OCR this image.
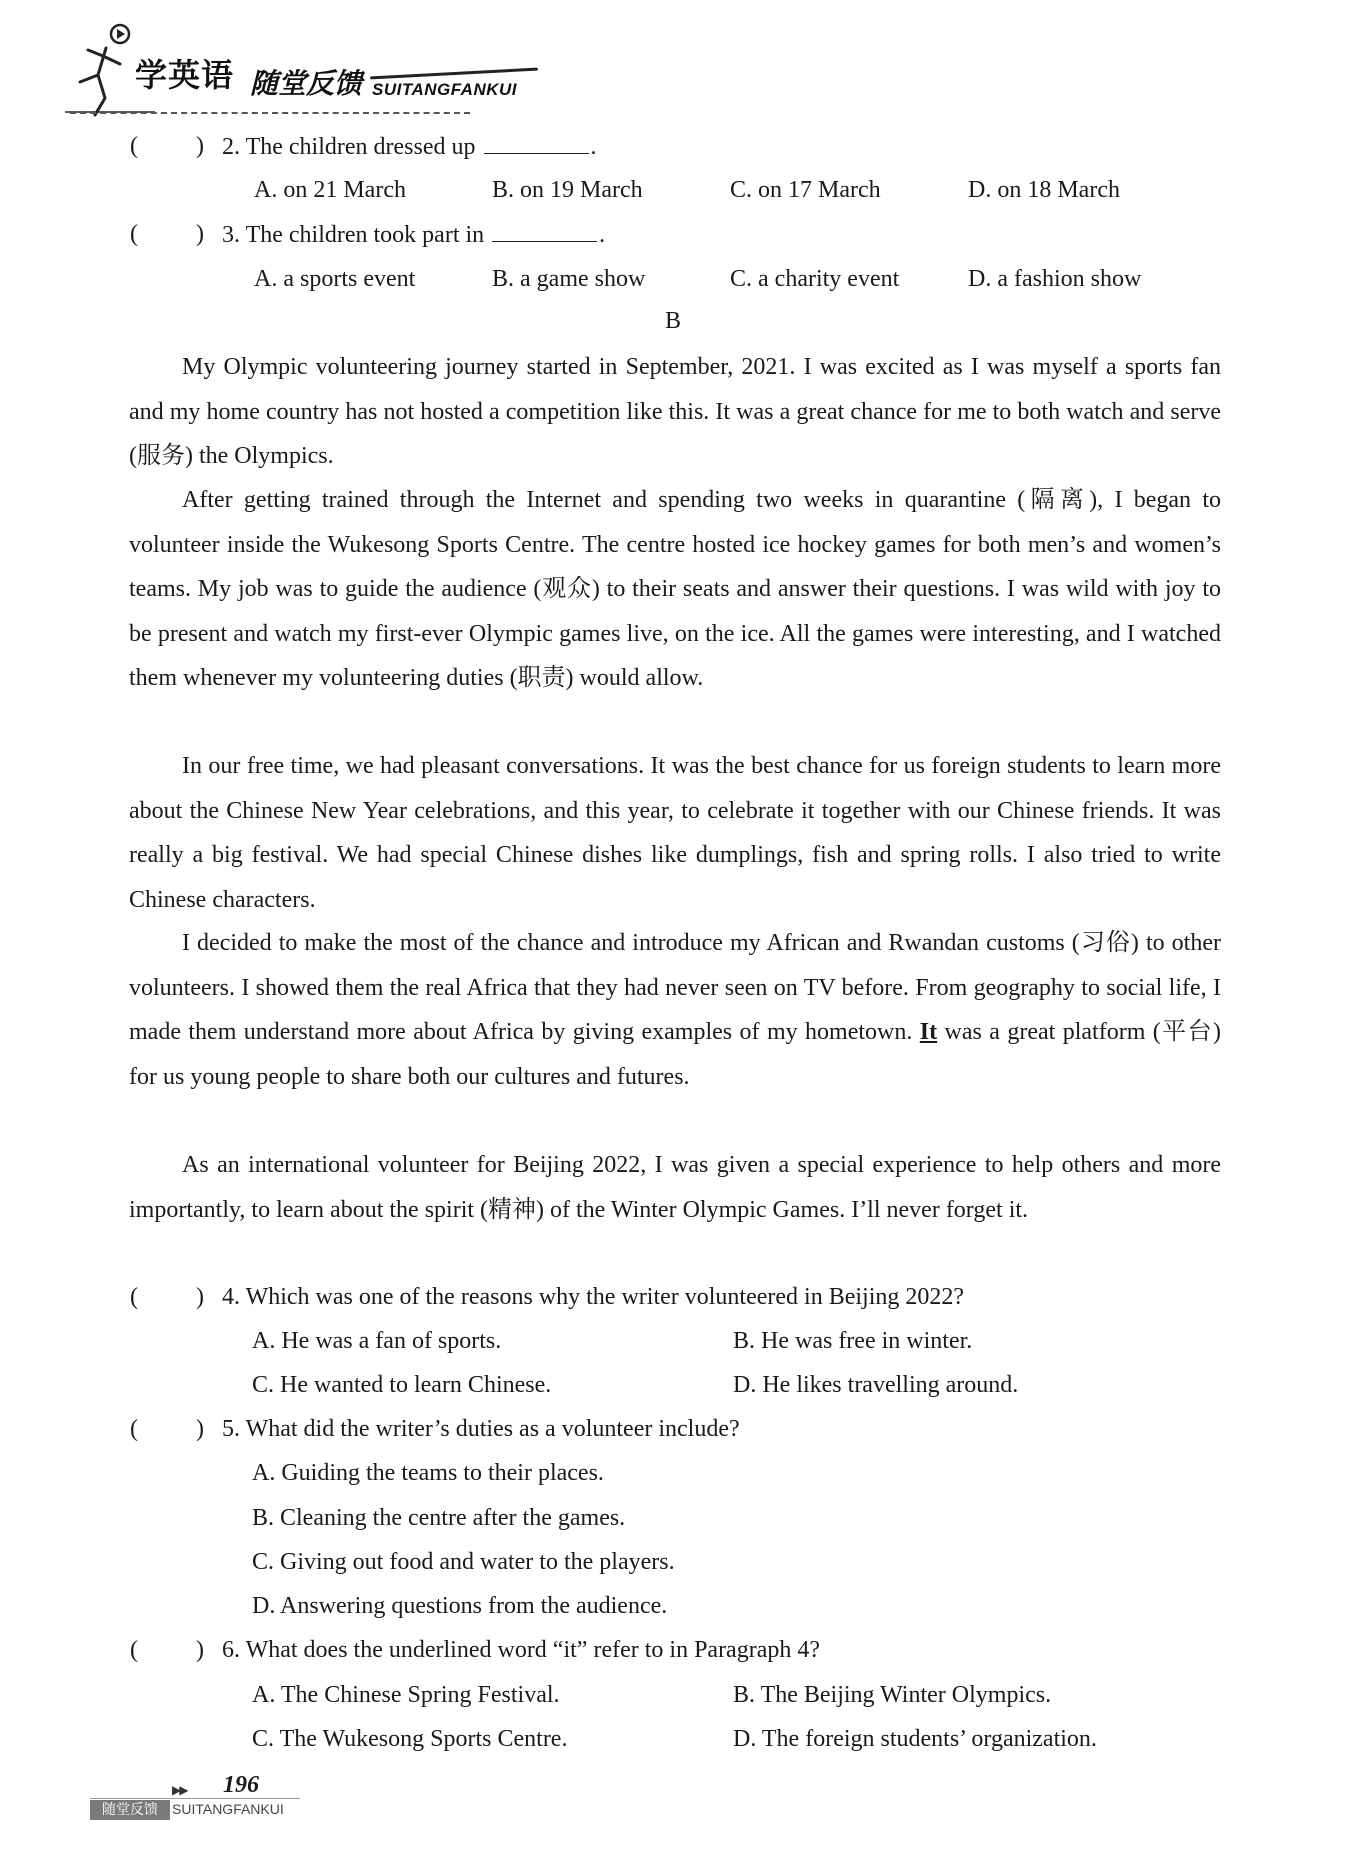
学英语 随堂反馈 SUITANGFANKUI
( ) 2. The children dressed up	.
A. on 21 March	B. on 19 March	C. on 17 March	D. on 18 March
( ) 3. The children took part in	.
A. a sports event	B. a game show	C. a charity event	D. a fashion show
B
My Olympic volunteering journey started in September, 2021. I was excited as I was myself a sports fan and my home country has not hosted a competition like this. It was a great chance for me to both watch and serve (服务) the Olympics.
After getting trained through the Internet and spending two weeks in quarantine (隔离), I began to volunteer inside the Wukesong Sports Centre. The centre hosted ice hockey games for both men’s and women’s teams. My job was to guide the audience (观众) to their seats and answer their questions. I was wild with joy to be present and watch my first-ever Olympic games live, on the ice. All the games were interesting, and I watched them whenever my volunteering duties (职责) would allow.
In our free time, we had pleasant conversations. It was the best chance for us foreign students to learn more about the Chinese New Year celebrations, and this year, to celebrate it together with our Chinese friends. It was really a big festival. We had special Chinese dishes like dumplings, fish and spring rolls. I also tried to write Chinese characters.
I decided to make the most of the chance and introduce my African and Rwandan customs (习俗) to other volunteers. I showed them the real Africa that they had never seen on TV before. From geography to social life, I made them understand more about Africa by giving examples of my hometown. It was a great platform (平台) for us young people to share both our cultures and futures.
As an international volunteer for Beijing 2022, I was given a special experience to help others and more importantly, to learn about the spirit (精神) of the Winter Olympic Games. I’ll never forget it.
( ) 4. Which was one of the reasons why the writer volunteered in Beijing 2022?
A. He was a fan of sports.	B. He was free in winter.
C. He wanted to learn Chinese.	D. He likes travelling around.
( ) 5. What did the writer’s duties as a volunteer include?
A. Guiding the teams to their places.
B. Cleaning the centre after the games.
C. Giving out food and water to the players.
D. Answering questions from the audience.
( ) 6. What does the underlined word “it” refer to in Paragraph 4?
A. The Chinese Spring Festival.	B. The Beijing Winter Olympics.
C. The Wukesong Sports Centre.	D. The foreign students’ organization.
▶▶ 196
随堂反馈	SUITANGFANKUI
